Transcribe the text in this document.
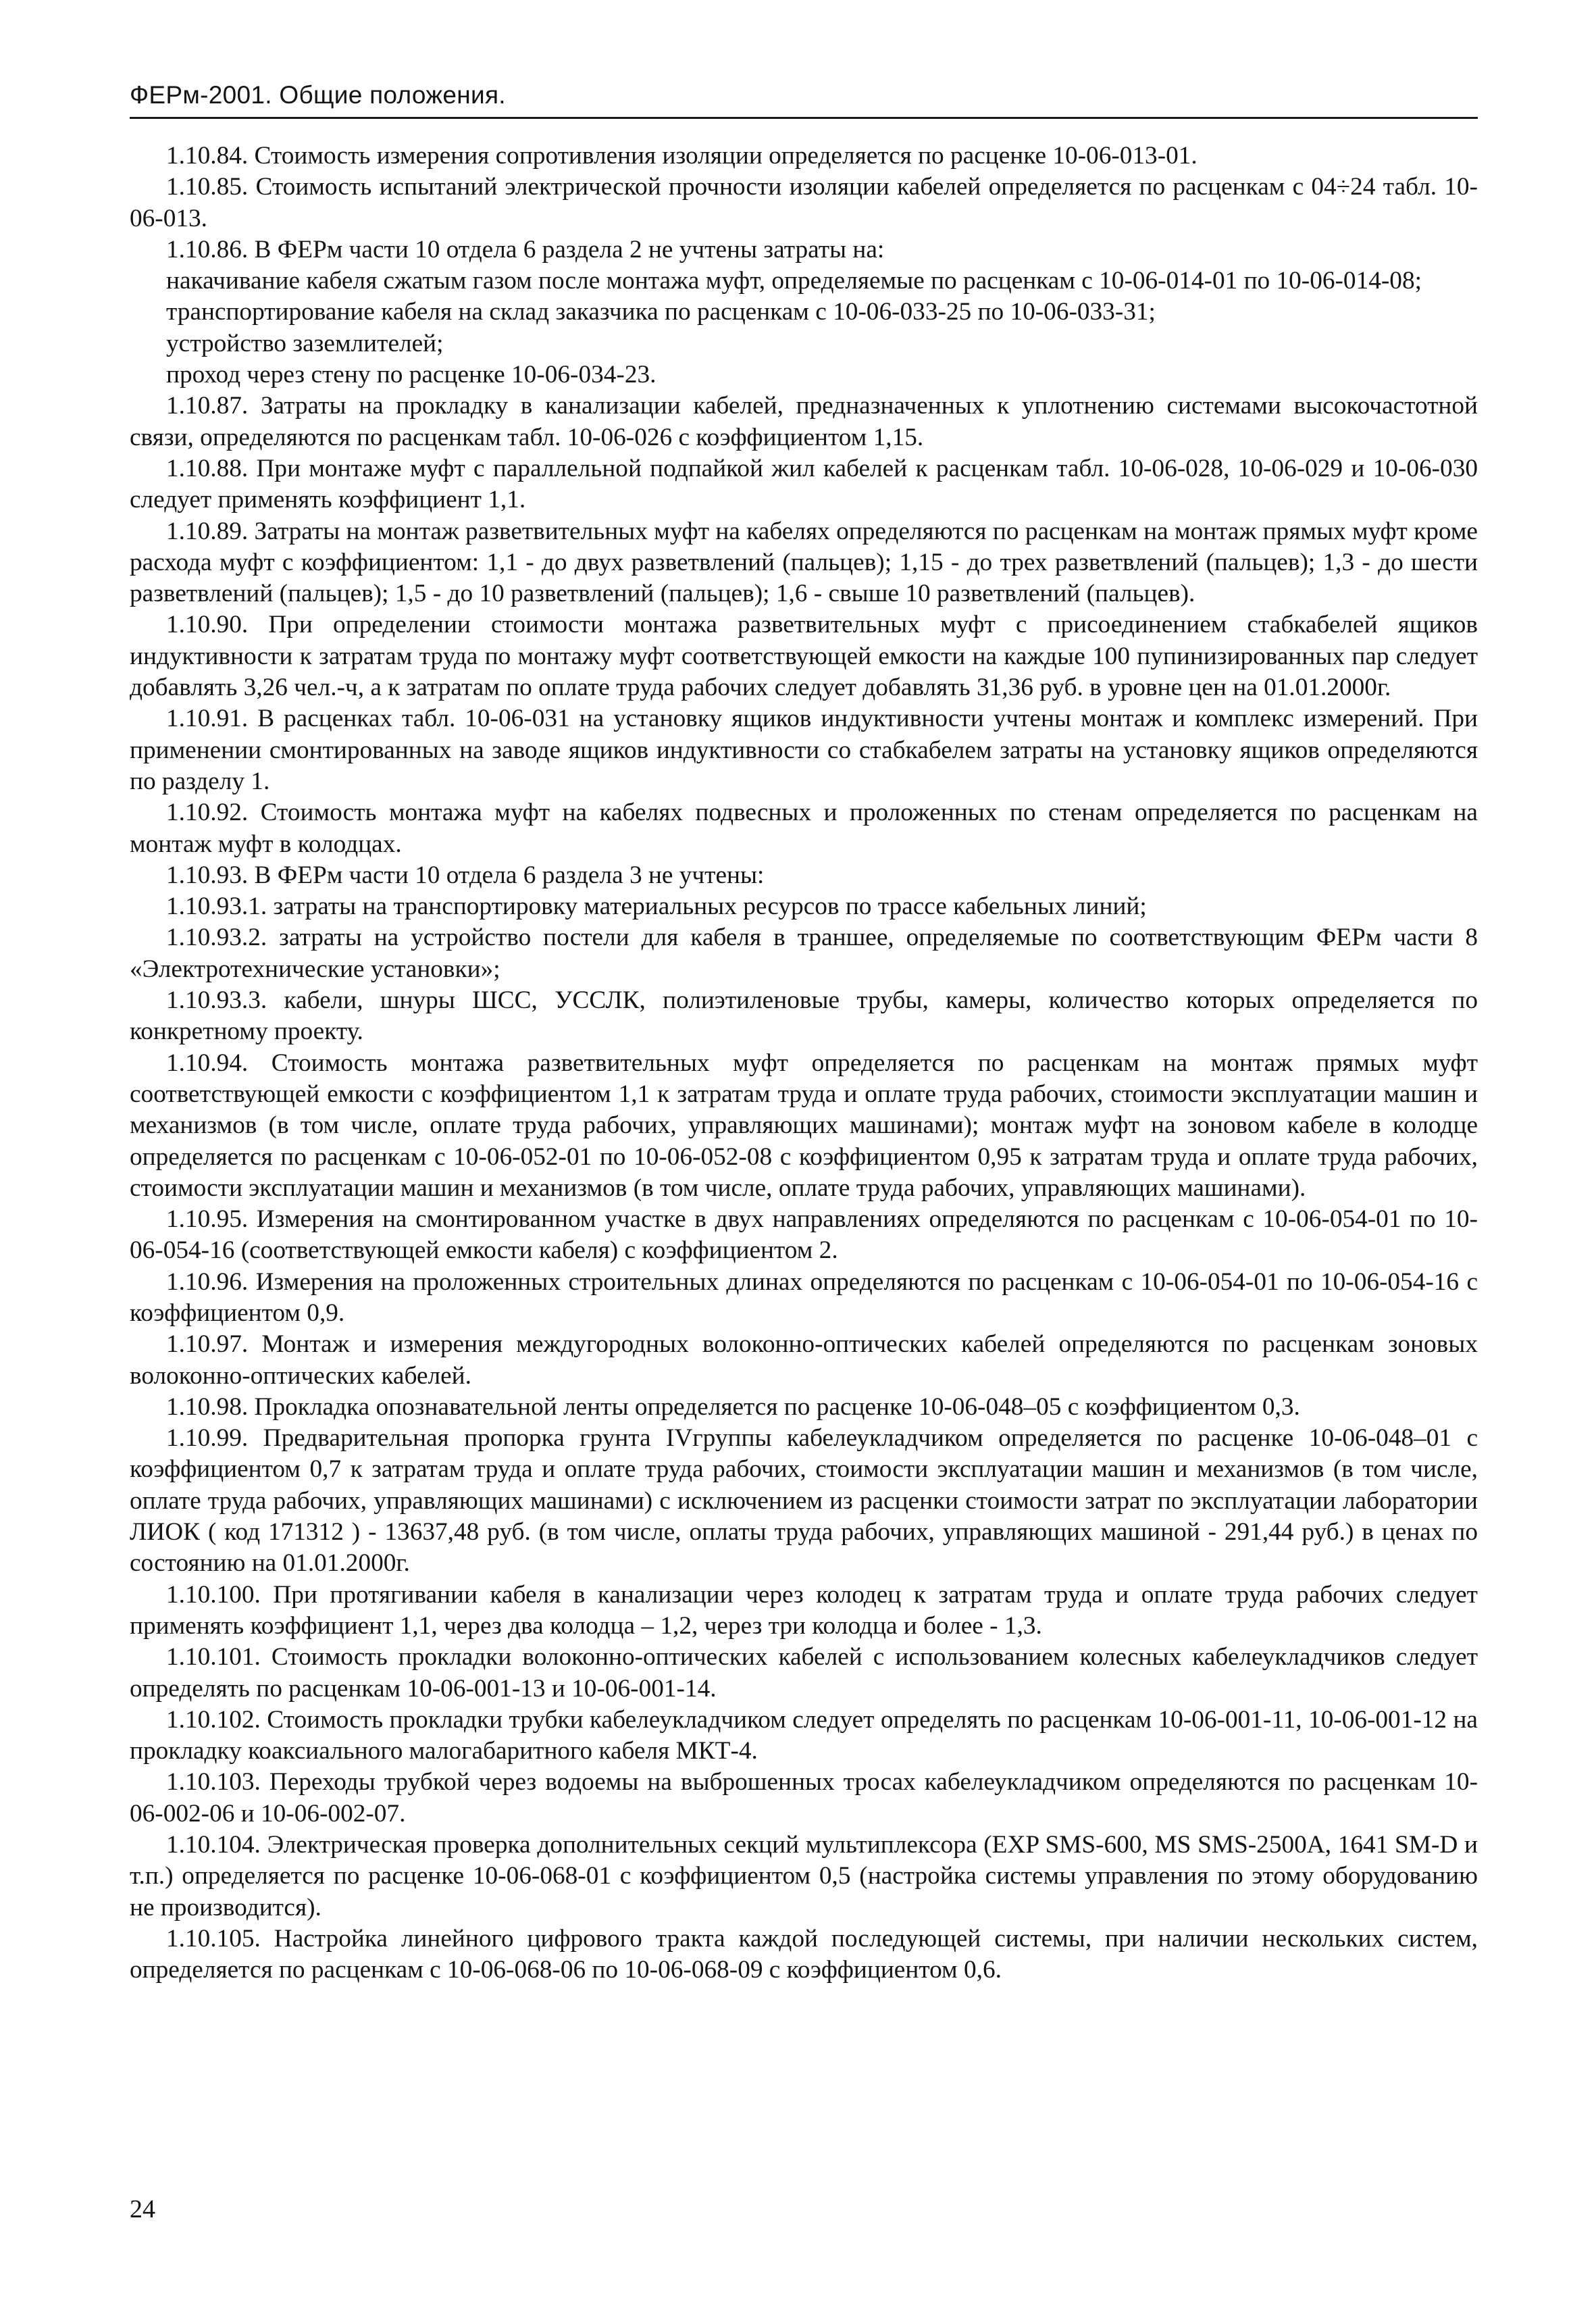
ФЕРм-2001. Общие положения.

1.10.84. Стоимость измерения сопротивления изоляции определяется по расценке 10-06-013-01.

1.10.85. Стоимость испытаний электрической прочности изоляции кабелей определяется по расценкам с 04÷24 табл. 10-06-013.

1.10.86. В ФЕРм части 10 отдела 6 раздела 2 не учтены затраты на:

накачивание кабеля сжатым газом после монтажа муфт, определяемые по расценкам с 10-06-014-01 по 10-06-014-08;

транспортирование кабеля на склад заказчика по расценкам с 10-06-033-25 по 10-06-033-31;

устройство заземлителей;

проход через стену по расценке 10-06-034-23.

1.10.87. Затраты на прокладку в канализации кабелей, предназначенных к уплотнению системами высокочастотной связи, определяются по расценкам табл. 10-06-026 с коэффициентом 1,15.

1.10.88. При монтаже муфт с параллельной подпайкой жил кабелей к расценкам табл. 10-06-028, 10-06-029 и 10-06-030 следует применять коэффициент 1,1.

1.10.89. Затраты на монтаж разветвительных муфт на кабелях определяются по расценкам на монтаж прямых муфт кроме расхода муфт с коэффициентом: 1,1 - до двух разветвлений (пальцев); 1,15 - до трех разветвлений (пальцев); 1,3 - до шести разветвлений (пальцев); 1,5 - до 10 разветвлений (пальцев); 1,6 - свыше 10 разветвлений (пальцев).

1.10.90. При определении стоимости монтажа разветвительных муфт с присоединением стабкабелей ящиков индуктивности к затратам труда по монтажу муфт соответствующей емкости на каждые 100 пупинизированных пар следует добавлять 3,26 чел.-ч, а к затратам по оплате труда рабочих следует добавлять 31,36 руб. в уровне цен на 01.01.2000г.

1.10.91. В расценках табл. 10-06-031 на установку ящиков индуктивности учтены монтаж и комплекс измерений. При применении смонтированных на заводе ящиков индуктивности со стабкабелем затраты на установку ящиков определяются по разделу 1.

1.10.92. Стоимость монтажа муфт на кабелях подвесных и проложенных по стенам определяется по расценкам на монтаж муфт в колодцах.

1.10.93. В ФЕРм части 10 отдела 6 раздела 3 не учтены:

1.10.93.1. затраты на транспортировку материальных ресурсов по трассе кабельных линий;

1.10.93.2. затраты на устройство постели для кабеля в траншее, определяемые по соответствующим ФЕРм части 8 «Электротехнические установки»;

1.10.93.3. кабели, шнуры ШСС, УССЛК, полиэтиленовые трубы, камеры, количество которых определяется по конкретному проекту.

1.10.94. Стоимость монтажа разветвительных муфт определяется по расценкам на монтаж прямых муфт соответствующей емкости с коэффициентом 1,1 к затратам труда и оплате труда рабочих, стоимости эксплуатации машин и механизмов (в том числе, оплате труда рабочих, управляющих машинами); монтаж муфт на зоновом кабеле в колодце определяется по расценкам с 10-06-052-01 по 10-06-052-08 с коэффициентом 0,95 к затратам труда и оплате труда рабочих, стоимости эксплуатации машин и механизмов (в том числе, оплате труда рабочих, управляющих машинами).

1.10.95. Измерения на смонтированном участке в двух направлениях определяются по расценкам с 10-06-054-01 по 10-06-054-16 (соответствующей емкости кабеля) с коэффициентом 2.

1.10.96. Измерения на проложенных строительных длинах определяются по расценкам с 10-06-054-01 по 10-06-054-16 с коэффициентом 0,9.

1.10.97. Монтаж и измерения междугородных волоконно-оптических кабелей определяются по расценкам зоновых волоконно-оптических кабелей.

1.10.98. Прокладка опознавательной ленты определяется по расценке 10-06-048–05 с коэффициентом 0,3.

1.10.99. Предварительная пропорка грунта IVгруппы кабелеукладчиком определяется по расценке 10-06-048–01 с коэффициентом 0,7 к затратам труда и оплате труда рабочих, стоимости эксплуатации машин и механизмов (в том числе, оплате труда рабочих, управляющих машинами) с исключением из расценки стоимости затрат по эксплуатации лаборатории ЛИОК ( код 171312 ) - 13637,48 руб. (в том числе, оплаты труда рабочих, управляющих машиной - 291,44 руб.) в ценах по состоянию на 01.01.2000г.

1.10.100. При протягивании кабеля в канализации через колодец к затратам труда и оплате труда рабочих следует применять коэффициент 1,1, через два колодца – 1,2, через три колодца и более - 1,3.

1.10.101. Стоимость прокладки волоконно-оптических кабелей с использованием колесных кабелеукладчиков следует определять по расценкам 10-06-001-13 и 10-06-001-14.

1.10.102. Стоимость прокладки трубки кабелеукладчиком следует определять по расценкам 10-06-001-11, 10-06-001-12 на прокладку коаксиального малогабаритного кабеля МКТ-4.

1.10.103. Переходы трубкой через водоемы на выброшенных тросах кабелеукладчиком определяются по расценкам 10-06-002-06 и 10-06-002-07.

1.10.104. Электрическая проверка дополнительных секций мультиплексора (EXP SMS-600, MS SMS-2500A, 1641 SM-D и т.п.) определяется по расценке 10-06-068-01 с коэффициентом 0,5 (настройка системы управления по этому оборудованию не производится).

1.10.105. Настройка линейного цифрового тракта каждой последующей системы, при наличии нескольких систем, определяется по расценкам с 10-06-068-06 по 10-06-068-09 с коэффициентом 0,6.

24
